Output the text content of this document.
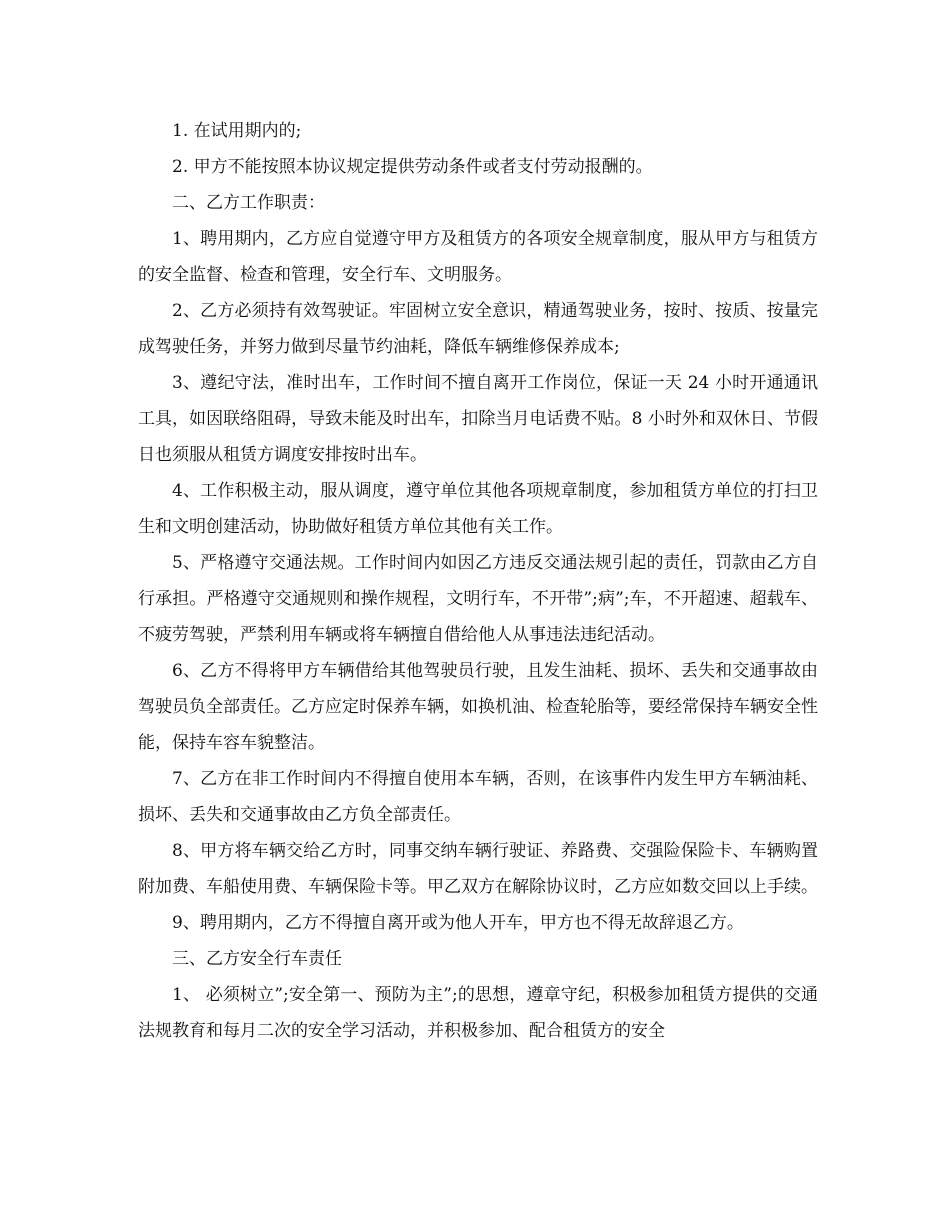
1. 在试用期内的;

2. 甲方不能按照本协议规定提供劳动条件或者支付劳动报酬的。

二、乙方工作职责：

1、聘用期内，乙方应自觉遵守甲方及租赁方的各项安全规章制度，服从甲方与租赁方的安全监督、检查和管理，安全行车、文明服务。

2、乙方必须持有效驾驶证。牢固树立安全意识，精通驾驶业务，按时、按质、按量完成驾驶任务，并努力做到尽量节约油耗，降低车辆维修保养成本;

3、遵纪守法，准时出车，工作时间不擅自离开工作岗位，保证一天 24 小时开通通讯工具，如因联络阻碍，导致未能及时出车，扣除当月电话费不贴。8 小时外和双休日、节假日也须服从租赁方调度安排按时出车。

4、工作积极主动，服从调度，遵守单位其他各项规章制度，参加租赁方单位的打扫卫生和文明创建活动，协助做好租赁方单位其他有关工作。

5、严格遵守交通法规。工作时间内如因乙方违反交通法规引起的责任，罚款由乙方自行承担。严格遵守交通规则和操作规程，文明行车，不开带”;病”;车，不开超速、超载车、不疲劳驾驶，严禁利用车辆或将车辆擅自借给他人从事违法违纪活动。

6、乙方不得将甲方车辆借给其他驾驶员行驶，且发生油耗、损坏、丢失和交通事故由驾驶员负全部责任。乙方应定时保养车辆，如换机油、检查轮胎等，要经常保持车辆安全性能，保持车容车貌整洁。

7、乙方在非工作时间内不得擅自使用本车辆，否则，在该事件内发生甲方车辆油耗、损坏、丢失和交通事故由乙方负全部责任。

8、甲方将车辆交给乙方时，同事交纳车辆行驶证、养路费、交强险保险卡、车辆购置附加费、车船使用费、车辆保险卡等。甲乙双方在解除协议时，乙方应如数交回以上手续。

9、聘用期内，乙方不得擅自离开或为他人开车，甲方也不得无故辞退乙方。

三、乙方安全行车责任

1、 必须树立”;安全第一、预防为主”;的思想，遵章守纪，积极参加租赁方提供的交通法规教育和每月二次的安全学习活动，并积极参加、配合租赁方的安全
